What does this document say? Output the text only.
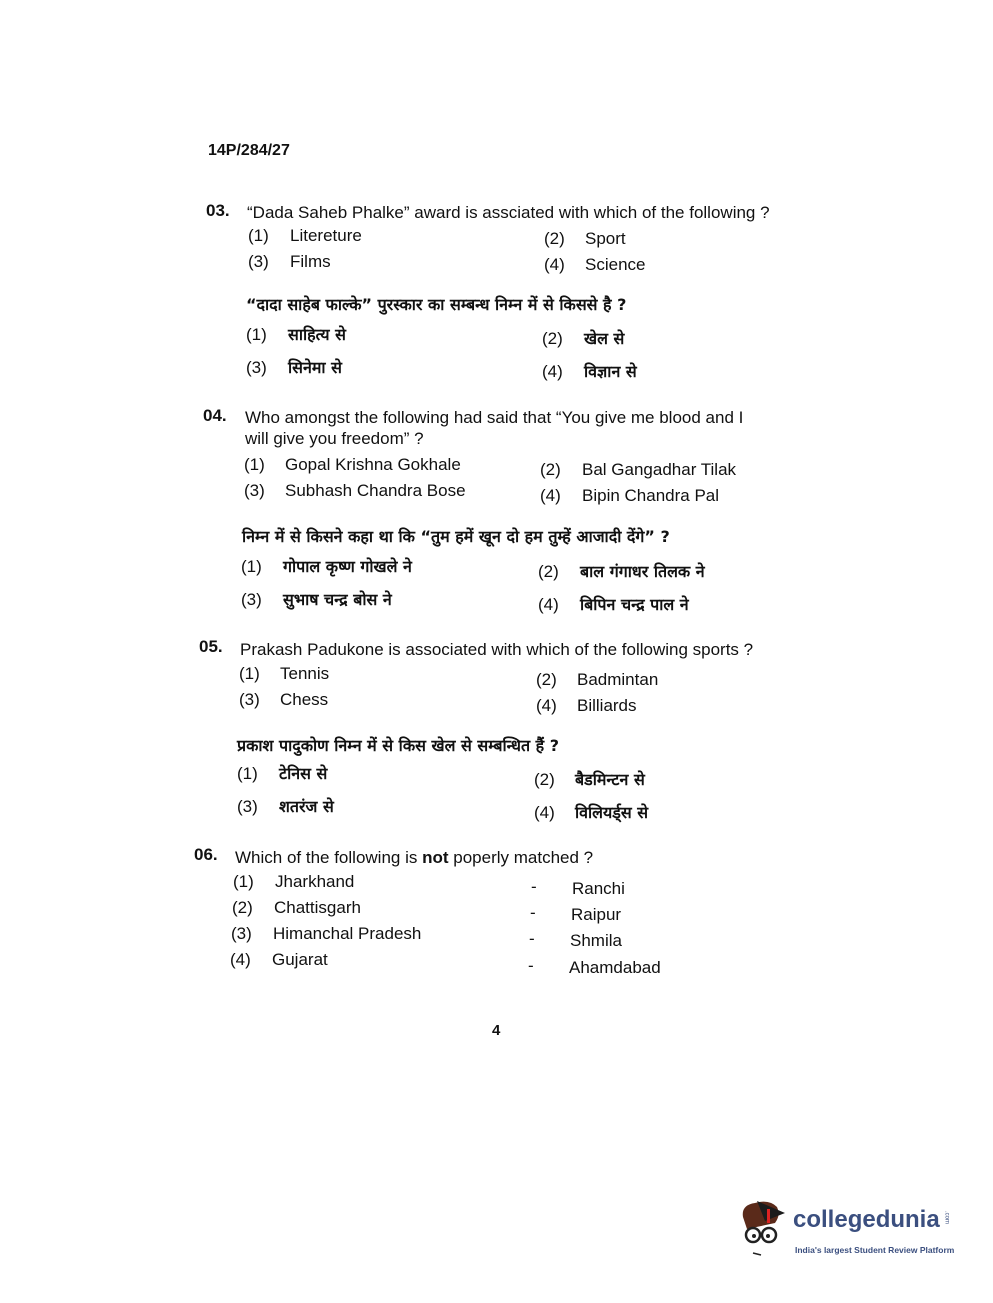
14P/284/27
03. “Dada Saheb Phalke” award is assciated with which of the following ?
(1) Litereture	(2) Sport
(3) Films	(4) Science
“दादा साहेब फाल्के” पुरस्कार का सम्बन्ध निम्न में से किससे है ?
(1) साहित्य से	(2) खेल से
(3) सिनेमा से	(4) विज्ञान से
04. Who amongst the following had said that “You give me blood and I
will give you freedom” ?
(1) Gopal Krishna Gokhale	(2) Bal Gangadhar Tilak
(3) Subhash Chandra Bose	(4) Bipin Chandra Pal
निम्न में से किसने कहा था कि “तुम हमें खून दो हम तुम्हें आजादी देंगे” ?
(1) गोपाल कृष्ण गोखले ने	(2) बाल गंगाधर तिलक ने
(3) सुभाष चन्द्र बोस ने	(4) बिपिन चन्द्र पाल ने
05. Prakash Padukone is associated with which of the following sports ?
(1) Tennis	(2) Badmintan
(3) Chess	(4) Billiards
प्रकाश पादुकोण निम्न में से किस खेल से सम्बन्धित हैं ?
(1) टेनिस से	(2) बैडमिन्टन से
(3) शतरंज से	(4) विलियर्ड्स से
06. Which of the following is not poperly matched ?
(1) Jharkhand	- Ranchi
(2) Chattisgarh	- Raipur
(3) Himanchal Pradesh	- Shmila
(4) Gujarat	- Ahamdabad
4
collegedunia .com
India's largest Student Review Platform
